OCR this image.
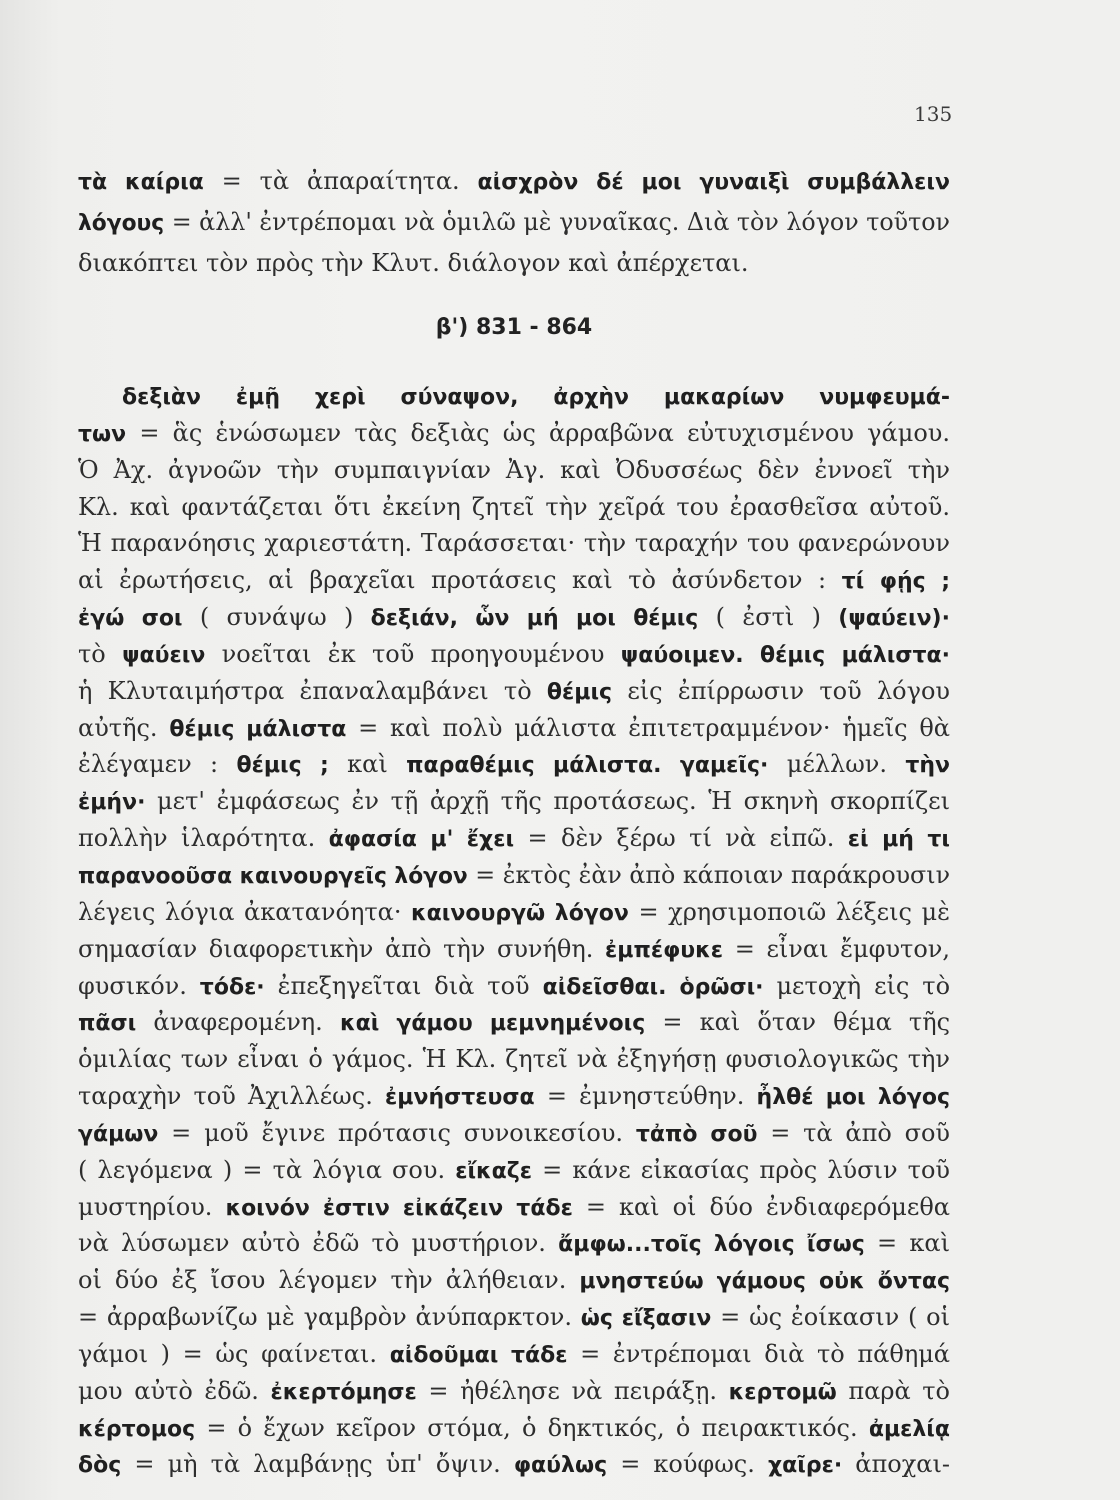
135
τὰ καίρια = τὰ ἀπαραίτητα. αἰσχρὸν δέ μοι γυναιξὶ συμβάλλειν
λόγους = ἀλλ' ἐντρέπομαι νὰ ὁμιλῶ μὲ γυναῖκας. Διὰ τὸν λόγον τοῦτον
διακόπτει τὸν πρὸς τὴν Κλυτ. διάλογον καὶ ἀπέρχεται.
β') 831 - 864
δεξιὰν ἐμῇ χερὶ σύναψον, ἀρχὴν μακαρίων νυμφευμά-
των = ἃς ἑνώσωμεν τὰς δεξιὰς ὡς ἀρραβῶνα εὐτυχισμένου γάμου.
Ὁ Ἀχ. ἀγνοῶν τὴν συμπαιγνίαν Ἀγ. καὶ Ὀδυσσέως δὲν ἐννοεῖ τὴν
Κλ. καὶ φαντάζεται ὅτι ἐκείνη ζητεῖ τὴν χεῖρά του ἐρασθεῖσα αὐτοῦ.
Ἡ παρανόησις χαριεστάτη. Ταράσσεται· τὴν ταραχήν του φανερώνουν
αἱ ἐρωτήσεις, αἱ βραχεῖαι προτάσεις καὶ τὸ ἀσύνδετον : τί φῄς ;
ἐγώ σοι ( συνάψω ) δεξιάν, ὧν μή μοι θέμις ( ἐστὶ ) (ψαύειν)·
τὸ ψαύειν νοεῖται ἐκ τοῦ προηγουμένου ψαύοιμεν. θέμις μάλιστα·
ἡ Κλυταιμήστρα ἐπαναλαμβάνει τὸ θέμις εἰς ἐπίρρωσιν τοῦ λόγου
αὐτῆς. θέμις μάλιστα = καὶ πολὺ μάλιστα ἐπιτετραμμένον· ἡμεῖς θὰ
ἐλέγαμεν : θέμις ; καὶ παραθέμις μάλιστα. γαμεῖς· μέλλων. τὴν
ἐμήν· μετ' ἐμφάσεως ἐν τῇ ἀρχῇ τῆς προτάσεως. Ἡ σκηνὴ σκορπίζει
πολλὴν ἱλαρότητα. ἀφασία μ' ἔχει = δὲν ξέρω τί νὰ εἰπῶ. εἰ μή τι
παρανοοῦσα καινουργεῖς λόγον = ἐκτὸς ἐὰν ἀπὸ κάποιαν παράκρουσιν
λέγεις λόγια ἀκατανόητα· καινουργῶ λόγον = χρησιμοποιῶ λέξεις μὲ
σημασίαν διαφορετικὴν ἀπὸ τὴν συνήθη. ἐμπέφυκε = εἶναι ἔμφυτον,
φυσικόν. τόδε· ἐπεξηγεῖται διὰ τοῦ αἰδεῖσθαι. ὁρῶσι· μετοχὴ εἰς τὸ
πᾶσι ἀναφερομένη. καὶ γάμου μεμνημένοις = καὶ ὅταν θέμα τῆς
ὁμιλίας των εἶναι ὁ γάμος. Ἡ Κλ. ζητεῖ νὰ ἐξηγήσῃ φυσιολογικῶς τὴν
ταραχὴν τοῦ Ἀχιλλέως. ἐμνήστευσα = ἐμνηστεύθην. ἦλθέ μοι λόγος
γάμων = μοῦ ἔγινε πρότασις συνοικεσίου. τἀπὸ σοῦ = τὰ ἀπὸ σοῦ
( λεγόμενα ) = τὰ λόγια σου. εἴκαζε = κάνε εἰκασίας πρὸς λύσιν τοῦ
μυστηρίου. κοινόν ἐστιν εἰκάζειν τάδε = καὶ οἱ δύο ἐνδιαφερόμεθα
νὰ λύσωμεν αὐτὸ ἐδῶ τὸ μυστήριον. ἄμφω...τοῖς λόγοις ἴσως = καὶ
οἱ δύο ἐξ ἴσου λέγομεν τὴν ἀλήθειαν. μνηστεύω γάμους οὐκ ὄντας
= ἀρραβωνίζω μὲ γαμβρὸν ἀνύπαρκτον. ὡς εἴξασιν = ὡς ἐοίκασιν ( οἱ
γάμοι ) = ὡς φαίνεται. αἰδοῦμαι τάδε = ἐντρέπομαι διὰ τὸ πάθημά
μου αὐτὸ ἐδῶ. ἐκερτόμησε = ἠθέλησε νὰ πειράξῃ. κερτομῶ παρὰ τὸ
κέρτομος = ὁ ἔχων κεῖρον στόμα, ὁ δηκτικός, ὁ πειρακτικός. ἀμελίᾳ
δὸς = μὴ τὰ λαμβάνῃς ὑπ' ὄψιν. φαύλως = κούφως. χαῖρε· ἀποχαι-
